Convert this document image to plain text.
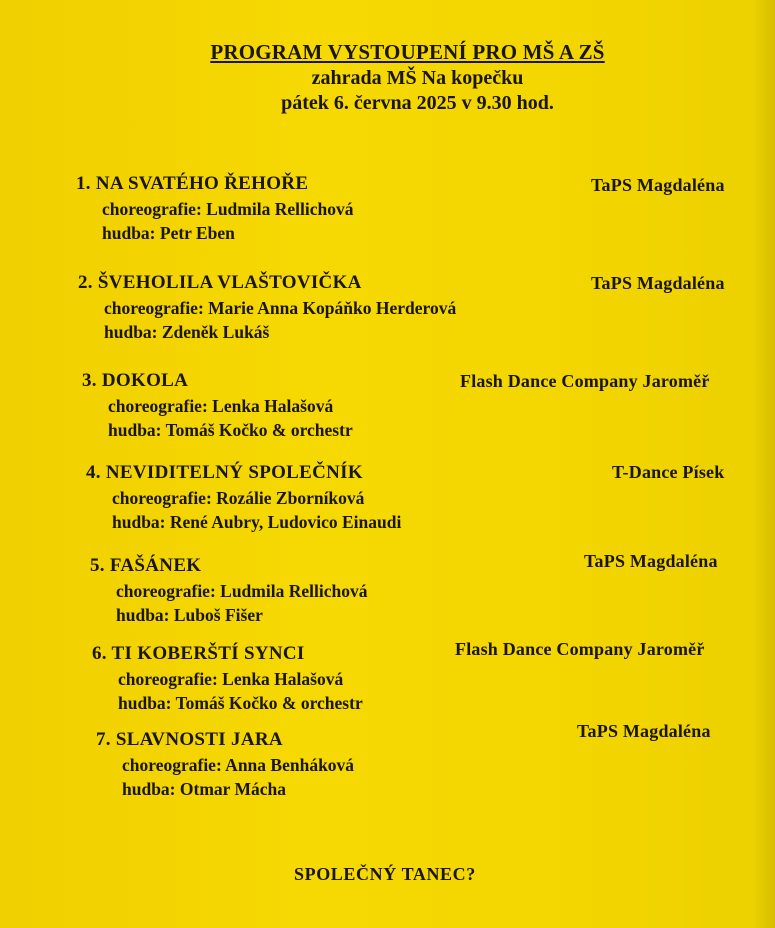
PROGRAM VYSTOUPENÍ PRO MŠ A ZŠ
zahrada MŠ Na kopečku
pátek 6. června 2025 v 9.30 hod.
1. NA SVATÉHO ŘEHOŘE
choreografie: Ludmila Rellichová
hudba: Petr Eben
TaPS Magdaléna
2. ŠVEHOLILA VLAŠTOVIČKA
choreografie: Marie Anna Kopáňko Herderová
hudba: Zdeněk Lukáš
TaPS Magdaléna
3. DOKOLA
choreografie: Lenka Halašová
hudba: Tomáš Kočko & orchestr
Flash Dance Company Jaroměř
4. NEVIDITELNÝ SPOLEČNÍK
choreografie: Rozálie Zborníková
hudba: René Aubry, Ludovico Einaudi
T-Dance Písek
5. FAŠÁNEK
choreografie: Ludmila Rellichová
hudba: Luboš Fišer
TaPS Magdaléna
6. TI KOBERŠTÍ SYNCI
choreografie: Lenka Halašová
hudba: Tomáš Kočko & orchestr
Flash Dance Company Jaroměř
7. SLAVNOSTI JARA
choreografie: Anna Benháková
hudba: Otmar Mácha
TaPS Magdaléna
SPOLEČNÝ TANEC?
